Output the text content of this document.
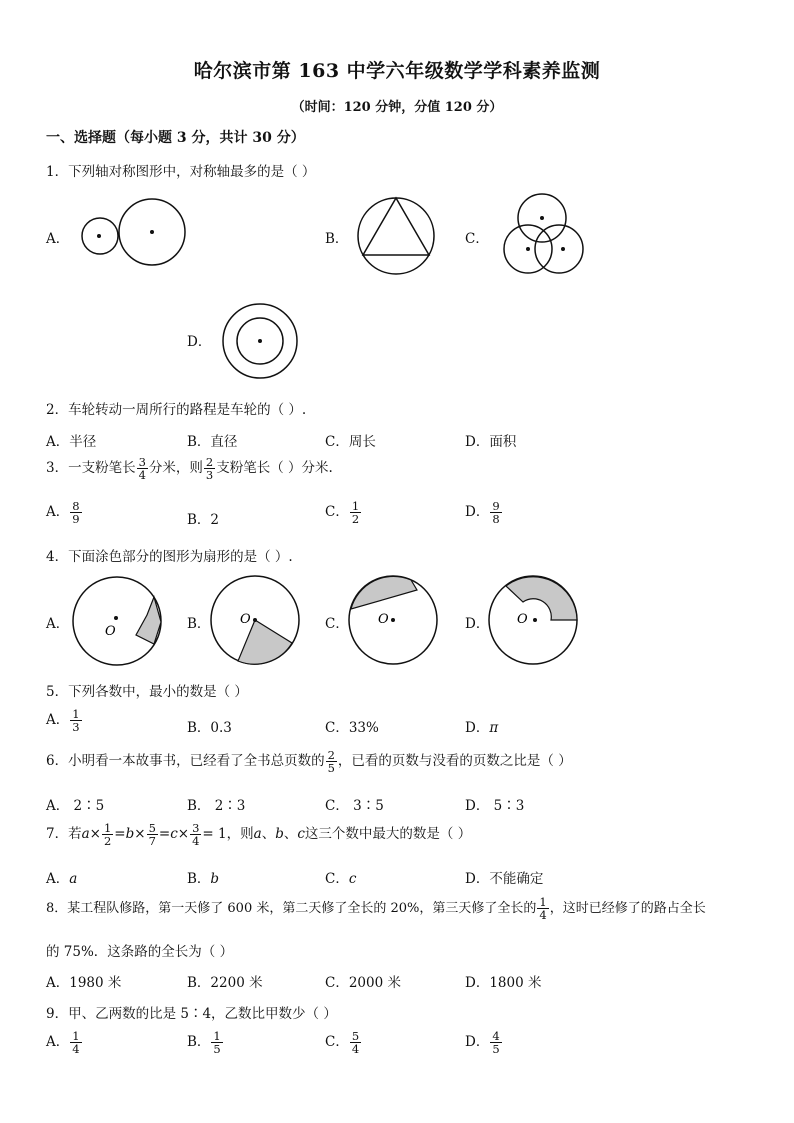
哈尔滨市第 163 中学六年级数学学科素养监测
（时间：120 分钟，分值 120 分）
一、选择题（每小题 3 分，共计 30 分）
1．下列轴对称图形中，对称轴最多的是（ ）
A．	B．	C．
D．
2．车轮转动一周所行的路程是车轮的（ ）.
A．半径	B．直径	C．周长	D．面积
3．一支粉笔长 $\frac{3}{4}$ 分米，则 $\frac{2}{3}$ 支粉笔长（ ）分米.
A． $\frac{8}{9}$	B．2	C． $\frac{1}{2}$	D． $\frac{9}{8}$
4．下面涂色部分的图形为扇形的是（ ）.
A．	O	B． O	C． O	D． O
5．下列各数中，最小的数是（ ）
A． $\frac{1}{3}$	B．0.3	C．33%	D．π
6．小明看一本故事书，已经看了全书总页数的 $\frac{2}{5}$ ，已看的页数与没看的页数之比是（ ）
A． 2∶5	B． 2∶3	C． 3∶5	D． 5∶3
7．若$a\times \frac{1}{2} =b\times \frac{5}{7} =c\times \frac{3}{4} = 1$，则a、b、c这三个数中最大的数是（ ）
A．a	B．b	C．c	D．不能确定
8．某工程队修路，第一天修了 600 米，第二天修了全长的 20%，第三天修了全长的 $\frac{1}{4}$ ，这时已经修了的路占全长
的 75%．这条路的全长为（ ）
A．1980 米	B．2200 米	C．2000 米	D．1800 米
9．甲、乙两数的比是 5∶4，乙数比甲数少（ ）
A． $\frac{1}{4}$	B． $\frac{1}{5}$	C． $\frac{5}{4}$	D． $\frac{4}{5}$
